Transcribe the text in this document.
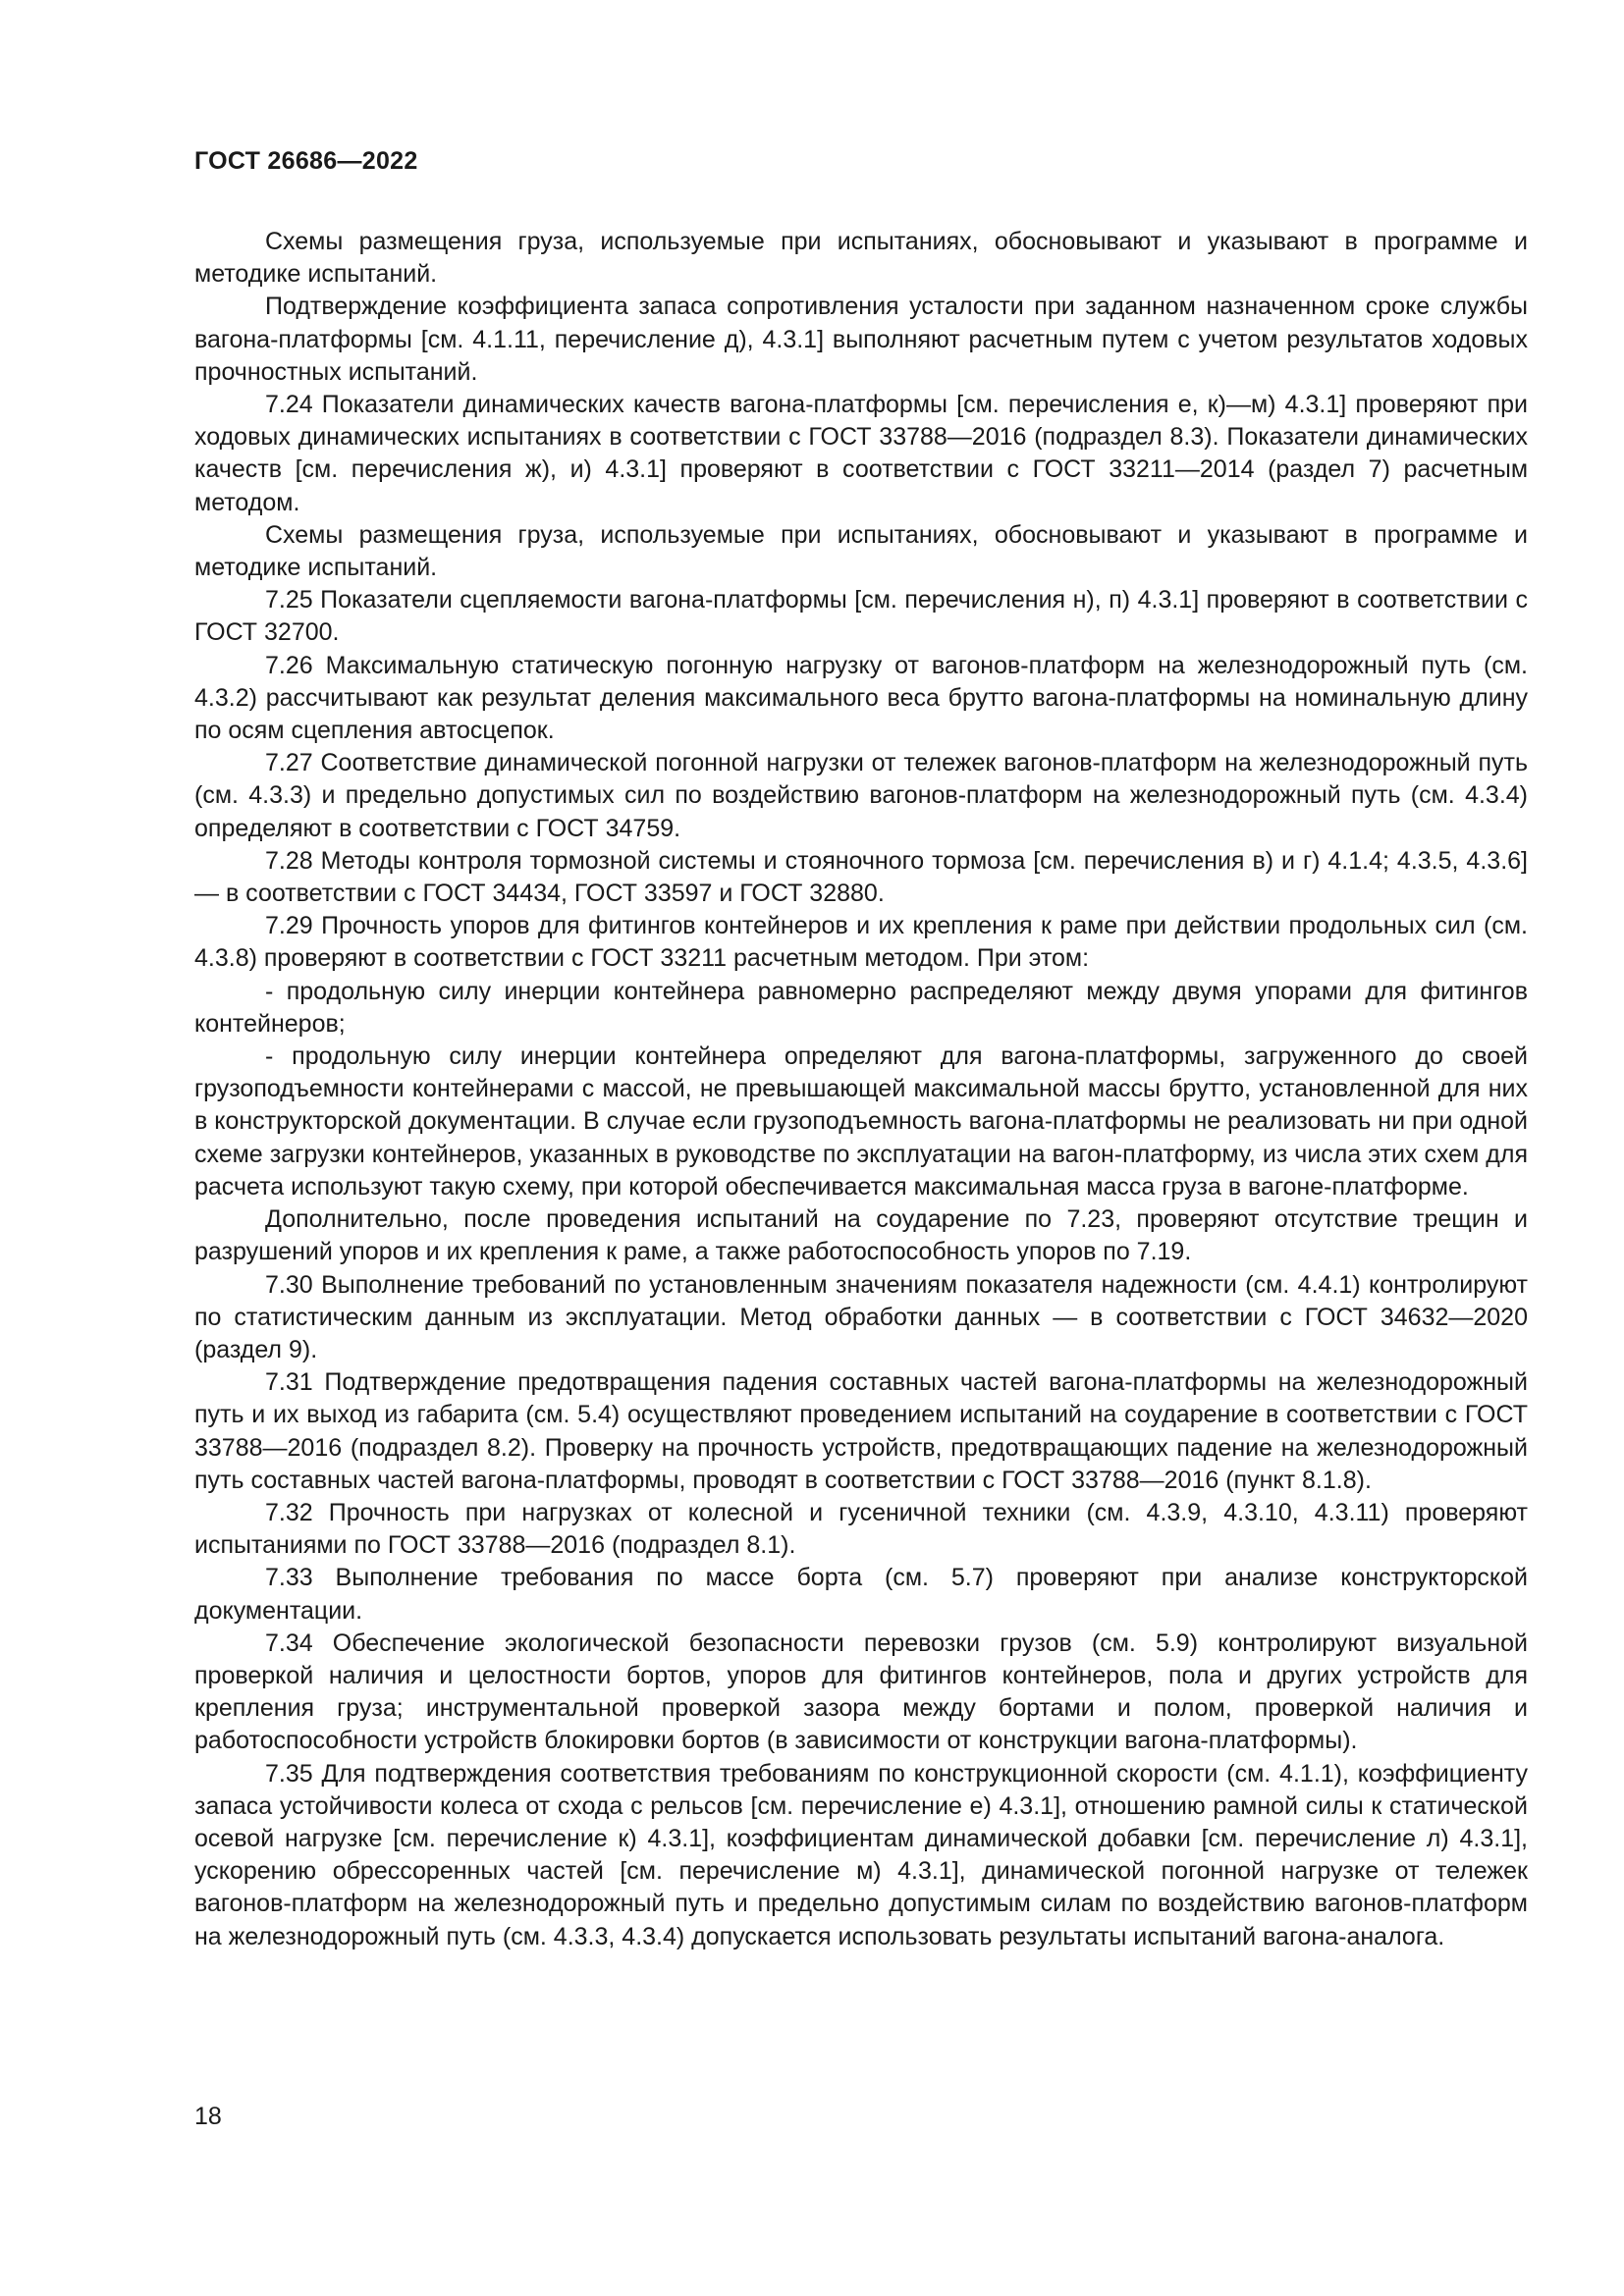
ГОСТ 26686—2022

Схемы размещения груза, используемые при испытаниях, обосновывают и указывают в программе и методике испытаний.

Подтверждение коэффициента запаса сопротивления усталости при заданном назначенном сроке службы вагона-платформы [см. 4.1.11, перечисление д), 4.3.1] выполняют расчетным путем с учетом результатов ходовых прочностных испытаний.

7.24 Показатели динамических качеств вагона-платформы [см. перечисления е, к)—м) 4.3.1] проверяют при ходовых динамических испытаниях в соответствии с ГОСТ 33788—2016 (подраздел 8.3). Показатели динамических качеств [см. перечисления ж), и) 4.3.1] проверяют в соответствии с ГОСТ 33211—2014 (раздел 7) расчетным методом.

Схемы размещения груза, используемые при испытаниях, обосновывают и указывают в программе и методике испытаний.

7.25 Показатели сцепляемости вагона-платформы [см. перечисления н), п) 4.3.1] проверяют в соответствии с ГОСТ 32700.

7.26 Максимальную статическую погонную нагрузку от вагонов-платформ на железнодорожный путь (см. 4.3.2) рассчитывают как результат деления максимального веса брутто вагона-платформы на номинальную длину по осям сцепления автосцепок.

7.27 Соответствие динамической погонной нагрузки от тележек вагонов-платформ на железнодорожный путь (см. 4.3.3) и предельно допустимых сил по воздействию вагонов-платформ на железнодорожный путь (см. 4.3.4) определяют в соответствии с ГОСТ 34759.

7.28 Методы контроля тормозной системы и стояночного тормоза [см. перечисления в) и г) 4.1.4; 4.3.5, 4.3.6] — в соответствии с ГОСТ 34434, ГОСТ 33597 и ГОСТ 32880.

7.29 Прочность упоров для фитингов контейнеров и их крепления к раме при действии продольных сил (см. 4.3.8) проверяют в соответствии с ГОСТ 33211 расчетным методом. При этом:

- продольную силу инерции контейнера равномерно распределяют между двумя упорами для фитингов контейнеров;

- продольную силу инерции контейнера определяют для вагона-платформы, загруженного до своей грузоподъемности контейнерами с массой, не превышающей максимальной массы брутто, установленной для них в конструкторской документации. В случае если грузоподъемность вагона-платформы не реализовать ни при одной схеме загрузки контейнеров, указанных в руководстве по эксплуатации на вагон-платформу, из числа этих схем для расчета используют такую схему, при которой обеспечивается максимальная масса груза в вагоне-платформе.

Дополнительно, после проведения испытаний на соударение по 7.23, проверяют отсутствие трещин и разрушений упоров и их крепления к раме, а также работоспособность упоров по 7.19.

7.30 Выполнение требований по установленным значениям показателя надежности (см. 4.4.1) контролируют по статистическим данным из эксплуатации. Метод обработки данных — в соответствии с ГОСТ 34632—2020 (раздел 9).

7.31 Подтверждение предотвращения падения составных частей вагона-платформы на железнодорожный путь и их выход из габарита (см. 5.4) осуществляют проведением испытаний на соударение в соответствии с ГОСТ 33788—2016 (подраздел 8.2). Проверку на прочность устройств, предотвращающих падение на железнодорожный путь составных частей вагона-платформы, проводят в соответствии с ГОСТ 33788—2016 (пункт 8.1.8).

7.32 Прочность при нагрузках от колесной и гусеничной техники (см. 4.3.9, 4.3.10, 4.3.11) проверяют испытаниями по ГОСТ 33788—2016 (подраздел 8.1).

7.33 Выполнение требования по массе борта (см. 5.7) проверяют при анализе конструкторской документации.

7.34 Обеспечение экологической безопасности перевозки грузов (см. 5.9) контролируют визуальной проверкой наличия и целостности бортов, упоров для фитингов контейнеров, пола и других устройств для крепления груза; инструментальной проверкой зазора между бортами и полом, проверкой наличия и работоспособности устройств блокировки бортов (в зависимости от конструкции вагона-платформы).

7.35 Для подтверждения соответствия требованиям по конструкционной скорости (см. 4.1.1), коэффициенту запаса устойчивости колеса от схода с рельсов [см. перечисление е) 4.3.1], отношению рамной силы к статической осевой нагрузке [см. перечисление к) 4.3.1], коэффициентам динамической добавки [см. перечисление л) 4.3.1], ускорению обрессоренных частей [см. перечисление м) 4.3.1], динамической погонной нагрузке от тележек вагонов-платформ на железнодорожный путь и предельно допустимым силам по воздействию вагонов-платформ на железнодорожный путь (см. 4.3.3, 4.3.4) допускается использовать результаты испытаний вагона-аналога.

18
